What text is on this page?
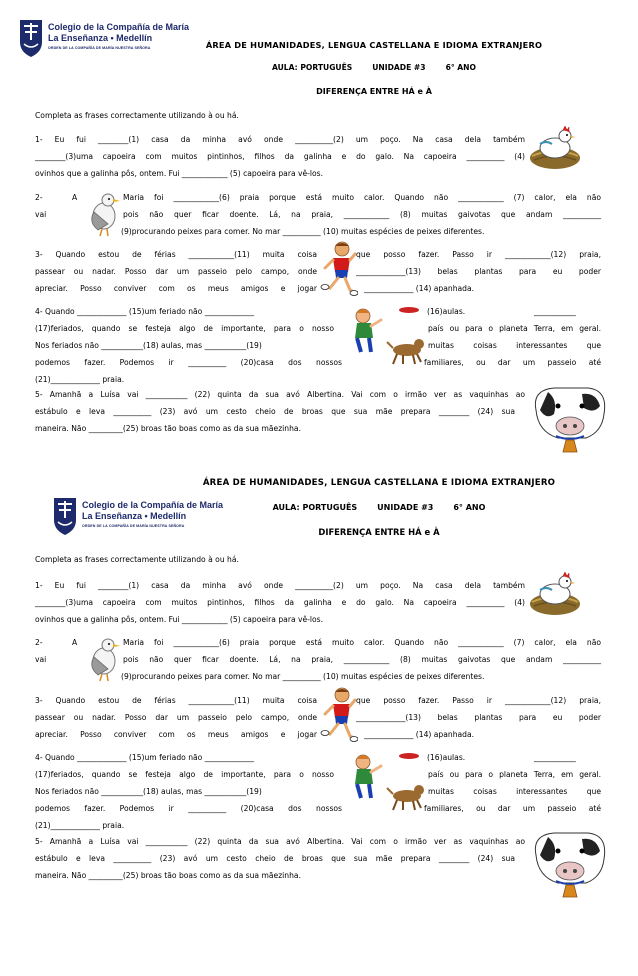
Colegio de la Compañía de María
La Enseñanza • Medellín
ORDEN DE LA COMPAÑÍA DE MARÍA NUESTRA SEÑORA	ÁREA DE HUMANIDADES, LENGUA CASTELLANA E IDIOMA EXTRANJERO
AULA: PORTUGUÊS	UNIDADE #3	6° ANO
DIFERENÇA ENTRE HÁ e À
Completa as frases correctamente utilizando à ou há.
1- Eu fui ________(1) casa da minha avó onde __________(2) um poço. Na casa dela também
________(3)uma capoeira com muitos pintinhos, filhos da galinha e do galo. Na capoeira __________ (4)
ovinhos que a galinha pôs, ontem. Fui ____________ (5) capoeira para vê-los.
2-	A
vai
Maria foi ____________(6) praia porque está muito calor. Quando não ____________ (7) calor, ela não
pois não quer ficar doente. Lá, na praia, ____________ (8) muitas gaivotas que andam __________
(9)procurando peixes para comer. No mar __________ (10) muitas espécies de peixes diferentes.
3- Quando estou de férias ____________(11) muita coisa	que posso fazer. Passo ir ____________(12) praia,
passear ou nadar. Posso dar um passeio pelo campo, onde	_____________(13) belas plantas para eu poder
apreciar. Posso conviver com os meus amigos e jogar	_____________ (14) apanhada.
4- Quando _____________ (15)um feriado não _____________	(16)aulas.	___________
(17)feriados, quando se festeja algo de importante, para o nosso	país ou para o planeta Terra, em geral.
Nos feriados não ___________(18) aulas, mas ___________(19)	muitas coisas interessantes que
podemos fazer. Podemos ir __________ (20)casa dos nossos	familiares, ou dar um passeio até
(21)_____________ praia.
5- Amanhã a Luísa vai ___________ (22) quinta da sua avó Albertina. Vai com o irmão ver as vaquinhas ao
estábulo e leva __________ (23) avó um cesto cheio de broas que sua mãe prepara ________ (24) sua
maneira. Não _________(25) broas tão boas como as da sua mãezinha.
Colegio de la Compañía de María
La Enseñanza • Medellín
ORDEN DE LA COMPAÑÍA DE MARÍA NUESTRA SEÑORA
ÁREA DE HUMANIDADES, LENGUA CASTELLANA E IDIOMA EXTRANJERO
AULA: PORTUGUÊS	UNIDADE #3	6° ANO
DIFERENÇA ENTRE HÁ e À
Completa as frases correctamente utilizando à ou há.
1- Eu fui ________(1) casa da minha avó onde __________(2) um poço. Na casa dela também
________(3)uma capoeira com muitos pintinhos, filhos da galinha e do galo. Na capoeira __________ (4)
ovinhos que a galinha pôs, ontem. Fui ____________ (5) capoeira para vê-los.
2-	A
vai
Maria foi ____________(6) praia porque está muito calor. Quando não ____________ (7) calor, ela não
pois não quer ficar doente. Lá, na praia, ____________ (8) muitas gaivotas que andam __________
(9)procurando peixes para comer. No mar __________ (10) muitas espécies de peixes diferentes.
3- Quando estou de férias ____________(11) muita coisa	que posso fazer. Passo ir ____________(12) praia,
passear ou nadar. Posso dar um passeio pelo campo, onde	_____________(13) belas plantas para eu poder
apreciar. Posso conviver com os meus amigos e jogar	_____________ (14) apanhada.
4- Quando _____________ (15)um feriado não _____________	(16)aulas.	___________
(17)feriados, quando se festeja algo de importante, para o nosso	país ou para o planeta Terra, em geral.
Nos feriados não ___________(18) aulas, mas ___________(19)	muitas coisas interessantes que
podemos fazer. Podemos ir __________ (20)casa dos nossos	familiares, ou dar um passeio até
(21)_____________ praia.
5- Amanhã a Luísa vai ___________ (22) quinta da sua avó Albertina. Vai com o irmão ver as vaquinhas ao
estábulo e leva __________ (23) avó um cesto cheio de broas que sua mãe prepara ________ (24) sua
maneira. Não _________(25) broas tão boas como as da sua mãezinha.
